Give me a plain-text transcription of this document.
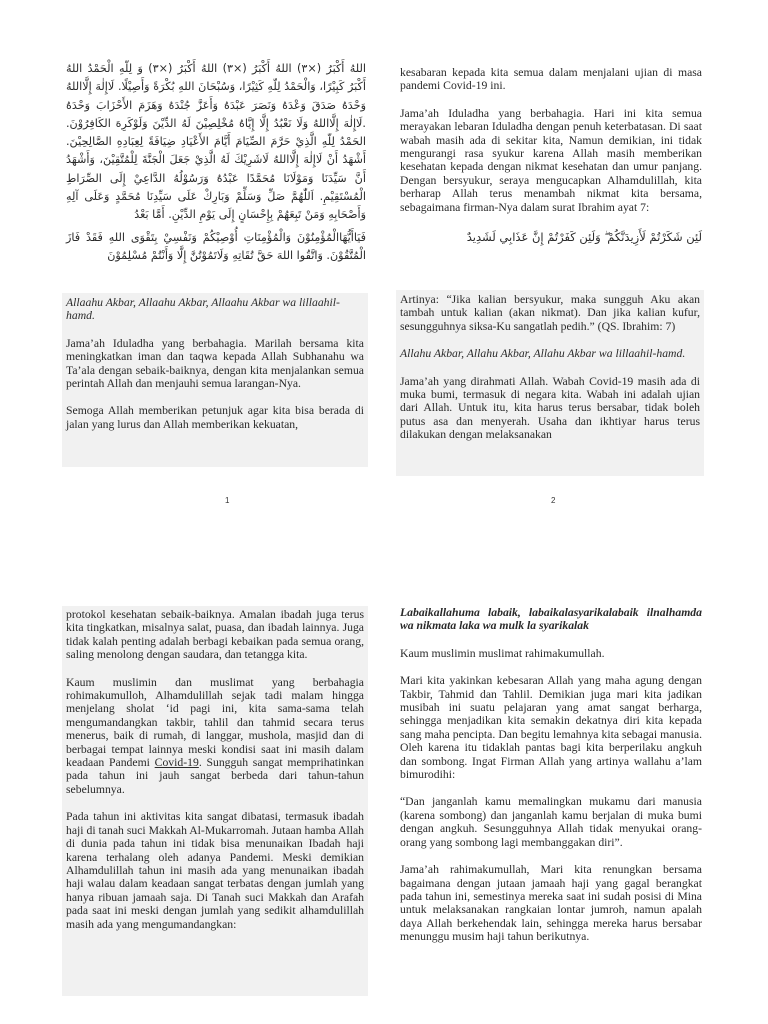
اللهُ أَكْبَرُ (×٣) اللهُ أَكْبَرُ (×٣) اللهُ أَكْبَرُ (×٣) وَ لِلّهِ الْحَمْدُ اللهُ أَكْبَرُ كَبِيْرًا، وَالْحَمْدُ لِلّهِ كَثِيْرًا، وَسُبْحَانَ اللهِ بُكْرَةً وَأَصِيْلًا. لَاإِلٰهَ إِلَّااللهُ وَحْدَهُ صَدَقَ وَعْدَهُ وَنَصَرَ عَبْدَهُ وَأَعَزَّ جُنْدَهُ وَهَزَمَ الأَحْزَابَ وَحْدَهُ .لَاإِلٰهَ إِلَّااللهُ وَلَا نَعْبُدُ إِلَّا إِيَّاهُ مُخْلِصِيْنَ لَهُ الدِّيْنَ وَلَوْكَرِهَ الكَافِرُوْنَ. الحَمْدُ لِلّهِ الَّذِيْ حَرَّمَ الصِّيَامَ أَيَّامَ الأَعْيَادِ ضِيَافَةً لِعِبَادِهِ الصَّالِحِيْنَ. أَشْهَدُ أَنْ لَاإِلٰهَ إِلَّااللهُ لَاشَرِيْكَ لَهُ الَّذِيْ جَعَلَ الْجَنَّةَ لِلْمُتَّقِيْنَ، وَأَشْهَدُ أَنَّ سَيِّدَنَا وَمَوْلَانَا مُحَمَّدًا عَبْدُهُ وَرَسُوْلُهُ الدَّاعِيْ إِلَى الصِّرَاطِ الْمُسْتَقِيْمِ. اَللّٰهُمَّ صَلِّ وَسَلِّمْ وَبَارِكْ عَلَى سَيِّدِنَا مُحَمَّدٍ وَعَلَى آلِهِ وَأَصْحَابِهِ وَمَنْ تَبِعَهُمْ بِإِحْسَانٍ إِلَى يَوْمِ الدِّيْنِ. أَمَّا بَعْدُ

فَيَاأَيُّهَاالْمُؤْمِنُوْنَ وَالْمُؤْمِنَاتِ أُوْصِيْكُمْ وَنَفْسِيْ بِتَقْوَى اللهِ فَقَدْ فَازَ الْمُتَّقُوْنَ. وَاتَّقُوا اللهَ حَقَّ تُقَاتِهِ وَلَاتَمُوْتُنَّ إِلَّا وَأَنْتُمْ مُسْلِمُوْنَ

Allaahu Akbar, Allaahu Akbar, Allaahu Akbar wa lillaahil-hamd.

Jama’ah Iduladha yang berbahagia. Marilah bersama kita meningkatkan iman dan taqwa kepada Allah Subhanahu wa Ta’ala dengan sebaik-baiknya, dengan kita menjalankan semua perintah Allah dan menjauhi semua larangan-Nya.

Semoga Allah memberikan petunjuk agar kita bisa berada di jalan yang lurus dan Allah memberikan kekuatan,

1

kesabaran kepada kita semua dalam menjalani ujian di masa pandemi Covid-19 ini.

Jama’ah Iduladha yang berbahagia. Hari ini kita semua merayakan lebaran Iduladha dengan penuh keterbatasan. Di saat wabah masih ada di sekitar kita, Namun demikian, ini tidak mengurangi rasa syukur karena Allah masih memberikan kesehatan kepada dengan nikmat kesehatan dan umur panjang. Dengan bersyukur, seraya mengucapkan Alhamdulillah, kita berharap Allah terus menambah nikmat kita bersama, sebagaimana firman-Nya dalam surat Ibrahim ayat 7:

لَئِن شَكَرْتُمْ لَأَزِيدَنَّكُمْ ۖ وَلَئِن كَفَرْتُمْ إِنَّ عَذَابِي لَشَدِيدٌ

Artinya: “Jika kalian bersyukur, maka sungguh Aku akan tambah untuk kalian (akan nikmat). Dan jika kalian kufur, sesungguhnya siksa-Ku sangatlah pedih.” (QS. Ibrahim: 7)

Allahu Akbar, Allahu Akbar, Allahu Akbar wa lillaahil-hamd.

Jama’ah yang dirahmati Allah. Wabah Covid-19 masih ada di muka bumi, termasuk di negara kita. Wabah ini adalah ujian dari Allah. Untuk itu, kita harus terus bersabar, tidak boleh putus asa dan menyerah. Usaha dan ikhtiyar harus terus dilakukan dengan melaksanakan

2

protokol kesehatan sebaik-baiknya. Amalan ibadah juga terus kita tingkatkan, misalnya salat, puasa, dan ibadah lainnya. Juga tidak kalah penting adalah berbagi kebaikan pada semua orang, saling menolong dengan saudara, dan tetangga kita.

Kaum muslimin dan muslimat yang berbahagia rohimakumulloh, Alhamdulillah sejak tadi malam hingga menjelang sholat ‘id pagi ini, kita sama-sama telah mengumandangkan takbir, tahlil dan tahmid secara terus menerus, baik di rumah, di langgar, mushola, masjid dan di berbagai tempat lainnya meski kondisi saat ini masih dalam keadaan Pandemi Covid-19. Sungguh sangat memprihatinkan pada tahun ini jauh sangat berbeda dari tahun-tahun sebelumnya.

Pada tahun ini aktivitas kita sangat dibatasi, termasuk ibadah haji di tanah suci Makkah Al-Mukarromah. Jutaan hamba Allah di dunia pada tahun ini tidak bisa menunaikan Ibadah haji karena terhalang oleh adanya Pandemi. Meski demikian Alhamdulillah tahun ini masih ada yang menunaikan ibadah haji walau dalam keadaan sangat terbatas dengan jumlah yang hanya ribuan jamaah saja. Di Tanah suci Makkah dan Arafah pada saat ini meski dengan jumlah yang sedikit alhamdulillah masih ada yang mengumandangkan:

Labaikallahuma labaik, labaikalasyarikalabaik ilnalhamda wa nikmata laka wa mulk la syarikalak

Kaum muslimin muslimat rahimakumullah.

Mari kita yakinkan kebesaran Allah yang maha agung dengan Takbir, Tahmid dan Tahlil. Demikian juga mari kita jadikan musibah ini suatu pelajaran yang amat sangat berharga, sehingga menjadikan kita semakin dekatnya diri kita kepada sang maha pencipta. Dan begitu lemahnya kita sebagai manusia. Oleh karena itu tidaklah pantas bagi kita berperilaku angkuh dan sombong. Ingat Firman Allah yang artinya wallahu a’lam bimurodihi:

“Dan janganlah kamu memalingkan mukamu dari manusia (karena sombong) dan janganlah kamu berjalan di muka bumi dengan angkuh. Sesungguhnya Allah tidak menyukai orang-orang yang sombong lagi membanggakan diri”.

Jama’ah rahimakumullah, Mari kita renungkan bersama bagaimana dengan jutaan jamaah haji yang gagal berangkat pada tahun ini, semestinya mereka saat ini sudah posisi di Mina untuk melaksanakan rangkaian lontar jumroh, namun apalah daya Allah berkehendak lain, sehingga mereka harus bersabar menunggu musim haji tahun berikutnya.
